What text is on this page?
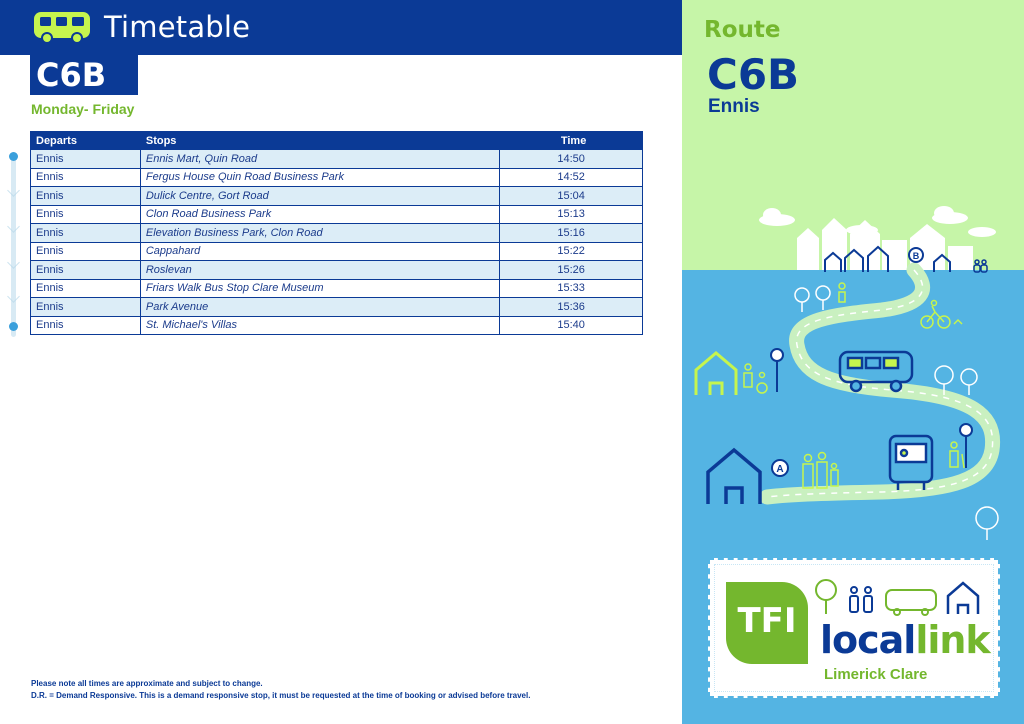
Timetable
C6B
Monday- Friday
Departs	Stops	Time
Ennis	Ennis Mart, Quin Road	14:50
Ennis	Fergus House Quin Road Business Park	14:52
Ennis	Dulick Centre, Gort Road	15:04
Ennis	Clon Road Business Park	15:13
Ennis	Elevation Business Park, Clon Road	15:16
Ennis	Cappahard	15:22
Ennis	Roslevan	15:26
Ennis	Friars Walk Bus Stop Clare Museum	15:33
Ennis	Park Avenue	15:36
Ennis	St. Michael's Villas	15:40
Please note all times are approximate and subject to change.
D.R. = Demand Responsive. This is a demand responsive stop, it must be requested at the time of booking or advised before travel.
Route
C6B
Ennis
B
A
TFI locallink
Limerick Clare
